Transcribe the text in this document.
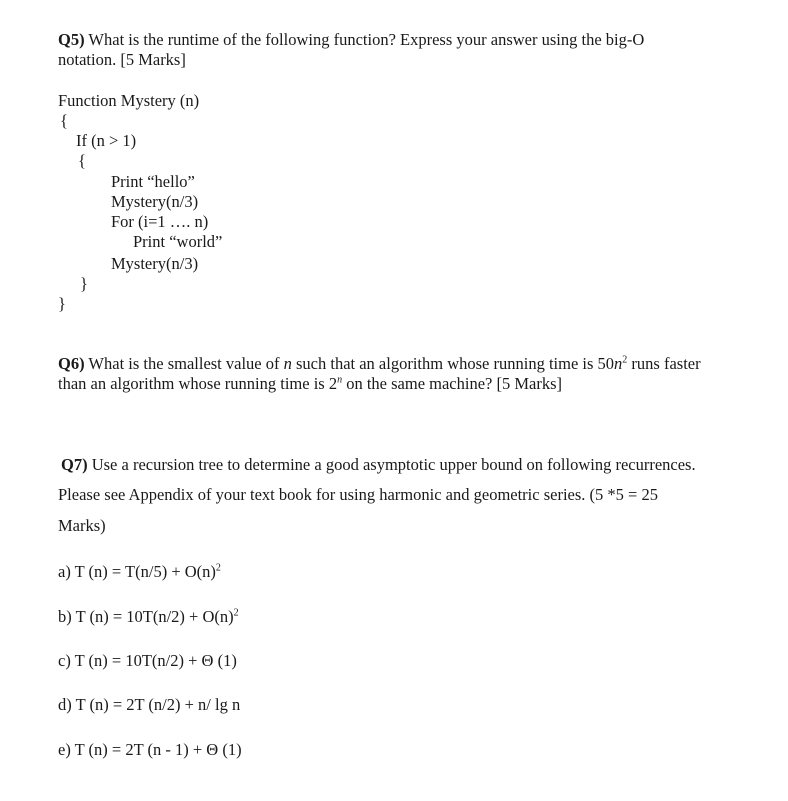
Q5) What is the runtime of the following function? Express your answer using the big-O
notation. [5 Marks]
Function Mystery (n)
{
If (n > 1)
{
Print “hello”
Mystery(n/3)
For (i=1 …. n)
Print “world”
Mystery(n/3)
}
}
Q6) What is the smallest value of n such that an algorithm whose running time is $50n^2$ runs faster
than an algorithm whose running time is 2$^n$ on the same machine? [5 Marks]
Q7) Use a recursion tree to determine a good asymptotic upper bound on following recurrences.
Please see Appendix of your text book for using harmonic and geometric series. (5 *5 = 25
Marks)
a) T $(n) = T(n/5) + O(n)^2$
b) T $(n) = 10T(n/2) + O(n)^2$
c) T (n) = 10T(n/2) + Θ (1)
d) T (n) = 2T (n/2) + n/ lg n
e) T (n) = 2T (n - 1) + Θ (1)
